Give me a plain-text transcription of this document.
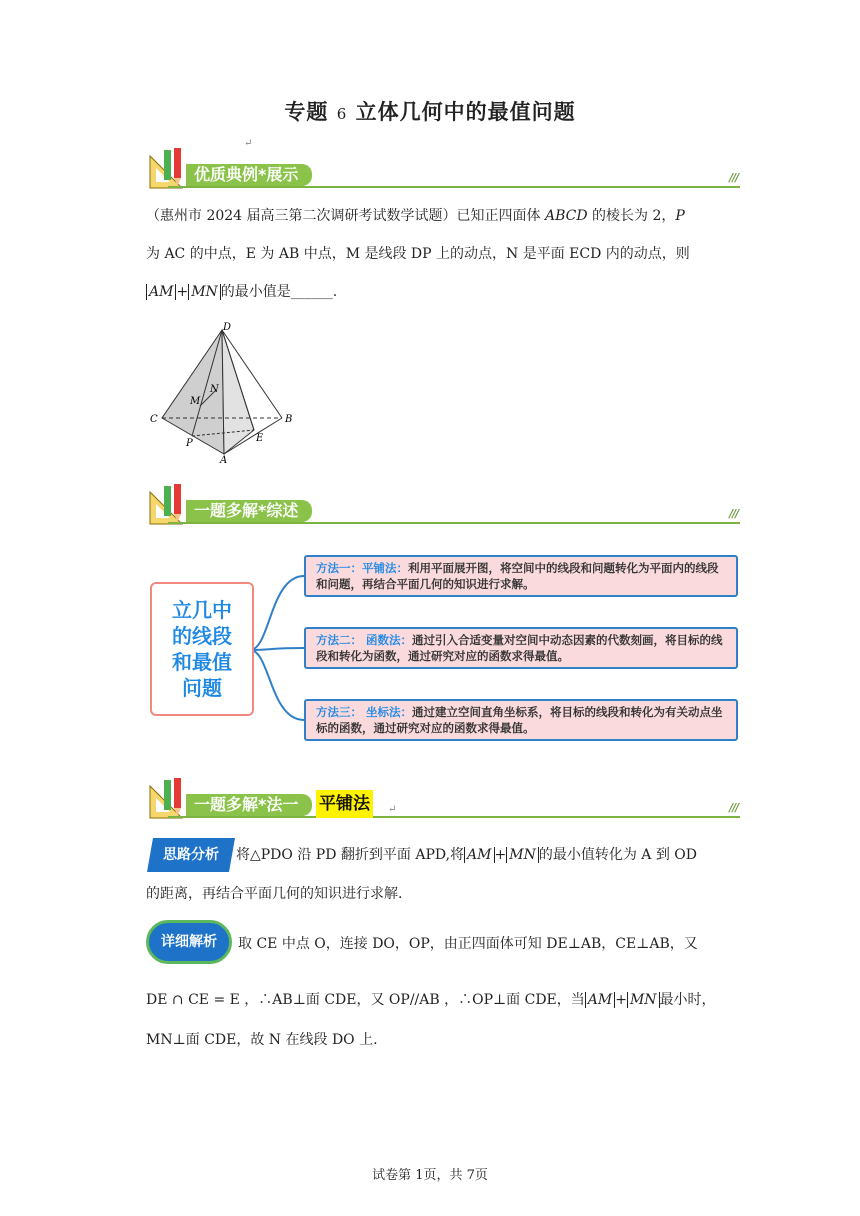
专题 6 立体几何中的最值问题
↵
优质典例*展示	///
（惠州市 2024 届高三第二次调研考试数学试题）已知正四面体 ABCD 的棱长为 2，P
为 AC 的中点，E 为 AB 中点，M 是线段 DP 上的动点，N 是平面 ECD 内的动点，则
AM + MN 的最小值是______.
D
N
M
C	B
P	E
A
一题多解*综述	///
立几中
的线段
和最值
问题
方法一：平铺法：利用平面展开图，将空间中的线段和问题转化为平面内的线段和问题，再结合平面几何的知识进行求解。
方法二： 函数法：通过引入合适变量对空间中动态因素的代数刻画，将目标的线段和转化为函数，通过研究对应的函数求得最值。
方法三： 坐标法：通过建立空间直角坐标系，将目标的线段和转化为有关动点坐标的函数，通过研究对应的函数求得最值。
一题多解*法一	平铺法	↵	///
思路分析	将△PDO 沿 PD 翻折到平面 APD,将 AM + MN 的最小值转化为 A 到 OD
的距离，再结合平面几何的知识进行求解.
详细解析	取 CE 中点 O，连接 DO，OP，由正四面体可知 DE⊥AB，CE⊥AB，又
DE ∩ CE = E ，∴AB⊥面 CDE，又 OP//AB ，∴OP⊥面 CDE，当 AM + MN 最小时，
MN⊥面 CDE，故 N 在线段 DO 上.
试卷第 1页，共 7页
